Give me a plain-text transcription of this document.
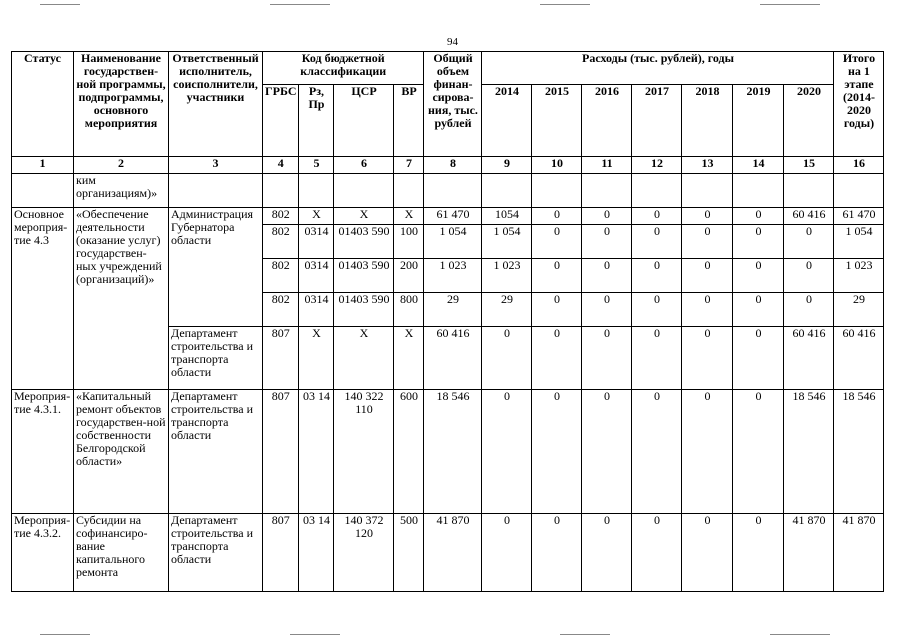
94
Статус	Наименование государствен-ной программы, подпрограммы, основного мероприятия	Ответственный исполнитель, соисполнители, участники	Код бюджетной классификации				Общий объем финан-сирова-ния, тыс. рублей	Расходы (тыс. рублей), годы							Итого на 1 этапе (2014-2020 годы)
			ГРБС	Рз, Пр	ЦСР	ВР		2014	2015	2016	2017	2018	2019	2020	

1	2	3	4	5	6	7	8	9	10	11	12	13	14	15	16
	ким организациям)»														
Основное мероприя-тие 4.3	«Обеспечение деятельности (оказание услуг) государствен-ных учреждений (организаций)»	Администрация Губернатора области	802	Х	Х	Х	61 470	1054	0	0	0	0	0	60 416	61 470
			802	0314	01403 590	100	1 054	1 054	0	0	0	0	0	0	1 054
			802	0314	01403 590	200	1 023	1 023	0	0	0	0	0	0	1 023
			802	0314	01403 590	800	29	29	0	0	0	0	0	0	29
		Департамент строительства и транспорта области	807	Х	Х	Х	60 416	0	0	0	0	0	0	60 416	60 416
Мероприя-тие 4.3.1.	«Капитальный ремонт объектов государствен-ной собственности Белгородской области»	Департамент строительства и транспорта области	807	03 14	140 322 110	600	18 546	0	0	0	0	0	0	18 546	18 546
Мероприя-тие 4.3.2.	Субсидии на софинансиро-вание капитального ремонта	Департамент строительства и транспорта области	807	03 14	140 372 120	500	41 870	0	0	0	0	0	0	41 870	41 870
